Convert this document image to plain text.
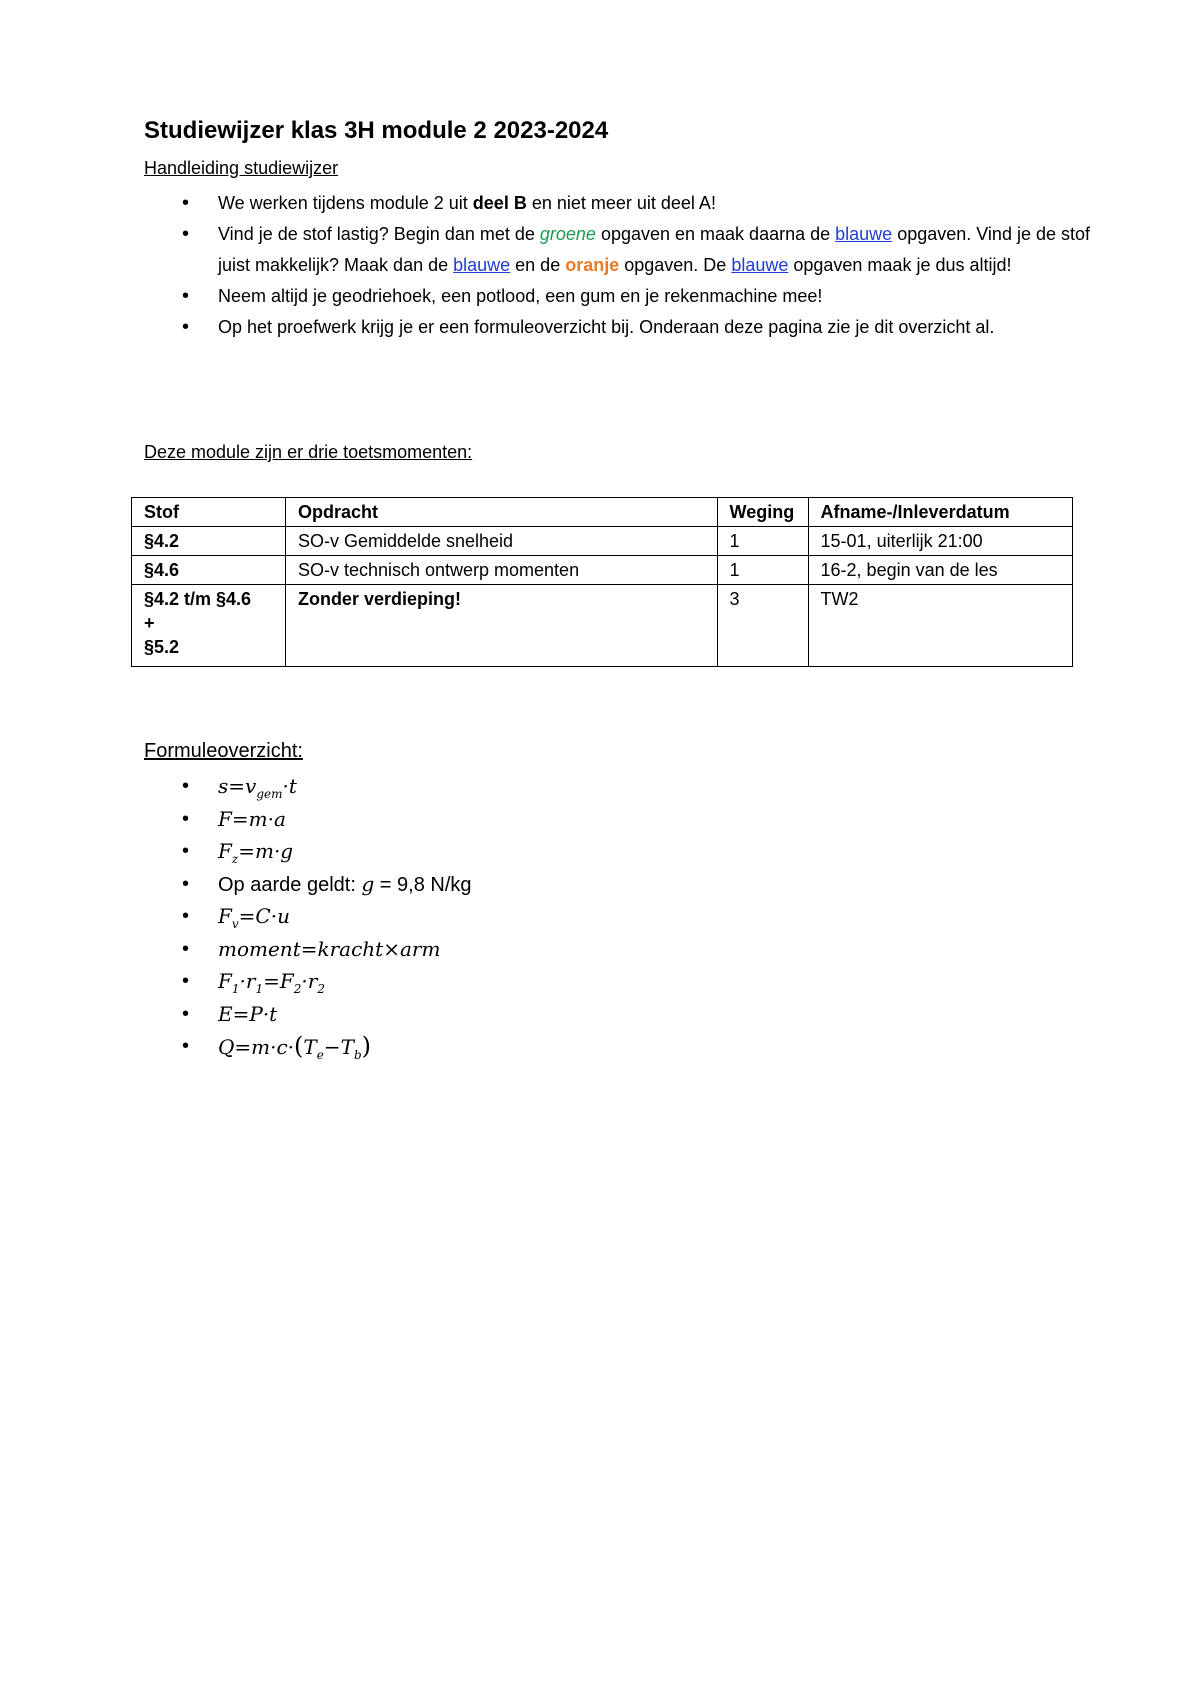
Studiewijzer klas 3H module 2 2023-2024
Handleiding studiewijzer
• We werken tijdens module 2 uit deel B en niet meer uit deel A!
• Vind je de stof lastig? Begin dan met de groene opgaven en maak daarna de blauwe opgaven. Vind je de stof juist makkelijk? Maak dan de blauwe en de oranje opgaven. De blauwe opgaven maak je dus altijd!
• Neem altijd je geodriehoek, een potlood, een gum en je rekenmachine mee!
• Op het proefwerk krijg je er een formuleoverzicht bij. Onderaan deze pagina zie je dit overzicht al.
Deze module zijn er drie toetsmomenten:
Stof	Opdracht	Weging	Afname-/Inleverdatum
§4.2	SO-v Gemiddelde snelheid	1	15-01, uiterlijk 21:00
§4.6	SO-v technisch ontwerp momenten	1	16-2, begin van de les

§4.2 t/m §4.6
+
§5.2	Zonder verdieping!	3	TW2
Formuleoverzicht:
• $s=v_{gem}\cdot t$
• F=m·a
• $F_z=m\cdot g$
• Op aarde geldt: g = 9,8 N/kg
• $F_v=C\cdot u$
• moment=kracht×arm
• $F_1\cdot r_1=F_2\cdot r_2$
• E=P·t
• $Q=m\cdot c\cdot(T_e-T_b)$
